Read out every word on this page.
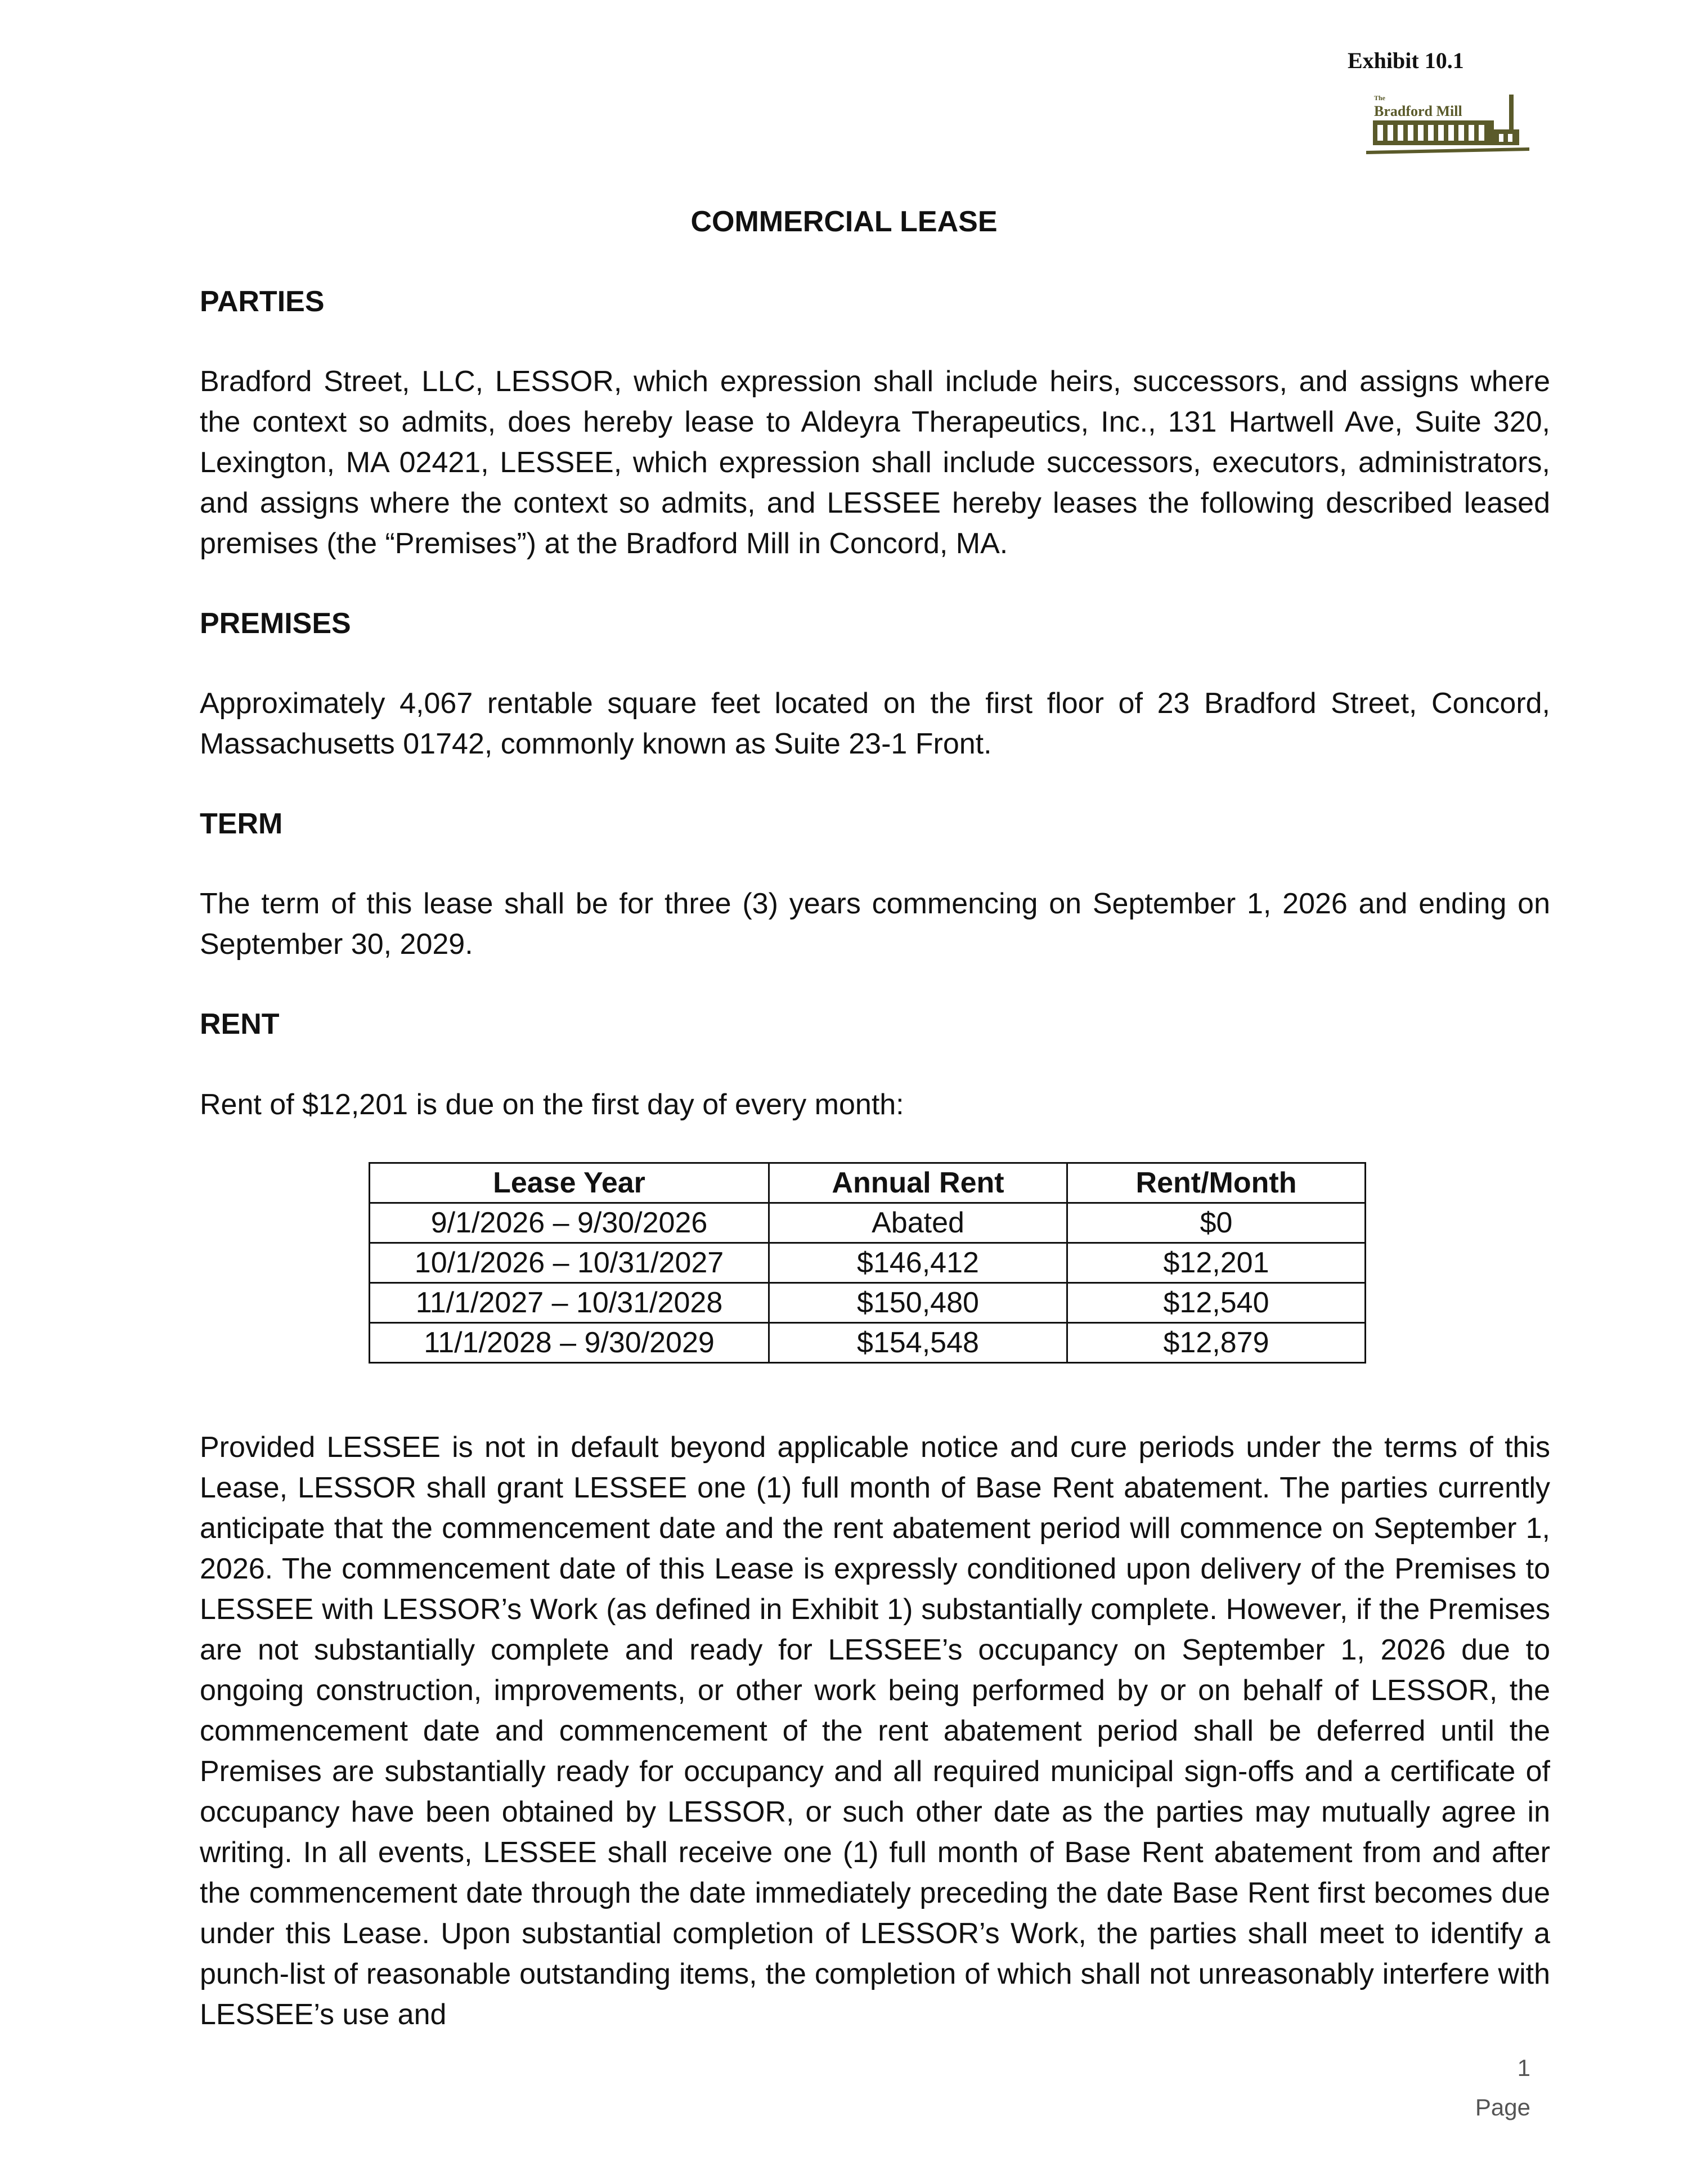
Exhibit 10.1
The
Bradford Mill
COMMERCIAL LEASE
PARTIES
Bradford Street, LLC, LESSOR, which expression shall include heirs, successors, and assigns where the context so admits, does hereby lease to Aldeyra Therapeutics, Inc., 131 Hartwell Ave, Suite 320, Lexington, MA 02421, LESSEE, which expression shall include successors, executors, administrators, and assigns where the context so admits, and LESSEE hereby leases the following described leased premises (the “Premises”) at the Bradford Mill in Concord, MA.
PREMISES
Approximately 4,067 rentable square feet located on the first floor of 23 Bradford Street, Concord, Massachusetts 01742, commonly known as Suite 23-1 Front.
TERM
The term of this lease shall be for three (3) years commencing on September 1, 2026 and ending on September 30, 2029.
RENT
Rent of $12,201 is due on the first day of every month:
Lease Year	Annual Rent	Rent/Month
9/1/2026 – 9/30/2026	Abated	$0
10/1/2026 – 10/31/2027	$146,412	$12,201
11/1/2027 – 10/31/2028	$150,480	$12,540
11/1/2028 – 9/30/2029	$154,548	$12,879
Provided LESSEE is not in default beyond applicable notice and cure periods under the terms of this Lease, LESSOR shall grant LESSEE one (1) full month of Base Rent abatement. The parties currently anticipate that the commencement date and the rent abatement period will commence on September 1, 2026. The commencement date of this Lease is expressly conditioned upon delivery of the Premises to LESSEE with LESSOR’s Work (as defined in Exhibit 1) substantially complete. However, if the Premises are not substantially complete and ready for LESSEE’s occupancy on September 1, 2026 due to ongoing construction, improvements, or other work being performed by or on behalf of LESSOR, the commencement date and commencement of the rent abatement period shall be deferred until the Premises are substantially ready for occupancy and all required municipal sign-offs and a certificate of occupancy have been obtained by LESSOR, or such other date as the parties may mutually agree in writing. In all events, LESSEE shall receive one (1) full month of Base Rent abatement from and after the commencement date through the date immediately preceding the date Base Rent first becomes due under this Lease. Upon substantial completion of LESSOR’s Work, the parties shall meet to identify a punch-list of reasonable outstanding items, the completion of which shall not unreasonably interfere with LESSEE’s use and
1
Page
